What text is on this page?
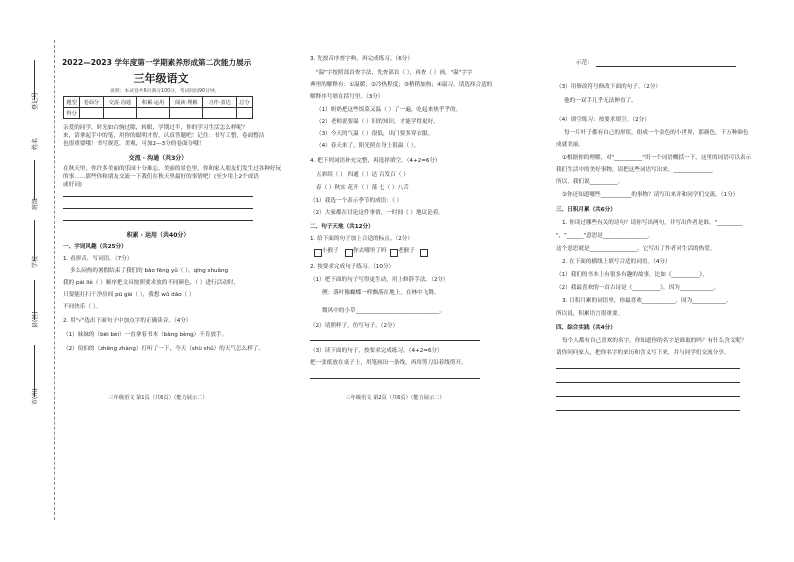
登记号
姓名
班级
学校
县(区)
市(州)
2022—2023 学年度第一学期素养形成第二次能力展示
三年级语文
说明：本试卷共6页满分100分，考试时间90分钟。
题型	卷面分	交流·沟通	积累·运用	阅读·理解	习作·表达	总分
得分						
亲爱的同学，时光如白驹过隙，转眼，学期过半，你的学习生活怎么样呢？
来，请拿起手中的笔，用你的聪明才智，认真答题吧！记住：书写工整，卷面整洁
也很重要哦！书写规范，美观，可加2—3分的卷面分哦！
交流 · 沟通（共3分）
在秋天里，你许多美丽的乐园十分难忘，美丽的景色里，你和家人朋友们发生过各种好玩
的事……那些你和朋友交流一下我们在秋天里最好的事情吧！(至少用上2个成语
或好词)
积累 · 运用（共40分）
一、字词风趣（共25分）
1. 看拼音，写词语。（7分）
多么闷热的暑假结束了我们的 bào fēng yǔ（ ），qīng shuǎng
我的 pái liè（ ）顺序把文具按照要求放的不同颜色，（ ）进行活动时，
只要能打扫干净房间 pū gài（ ），我想 wǔ dǎo（ ）
不同快乐（ ）。
2. 用"√"选出下面句子中加点字的正确读音。（4分）
（1）妹妹的（bēi bèi）一直拿着书本（bàng bèng）不肯放手。
（2）伯伯的（zhēng zhàng）打听了一下，今天（shù shǔ）的天气怎么样了。
三年级语文 第1页（共6页）（能力展示二）
3. 先按音序查字典，再完成练习。（6分）
"温"字按照部首查字法，先查部首（ ），再查（ ）画，"温"字字
典里的解释有：①温暖；②冷热程度；③稍稍加热；④温习。请选择合适的
解释序号填在括号里。（3分）
（1）奶奶把这些饭菜又温（ ）了一遍，吃起来热乎乎的。
（2）老师说要温（ ）旧的知识，才能学得更好。
（3）今天的气温（ ）很低，出门要多穿衣服。
（4）春天来了，阳光照在身上很温（ ）。
4. 把下列词语补充完整，再选择填空。（4+2=6分）
五彩缤（ ） 四通（ ）达 百发百（ ）
春（ ）秋实 花开（ ）落 七（ ）八舌
（1）我选一个表示季节的成语：（ ）
（2）大家都在讨论这件事情，一时间（ ）地议论着。
二、句子天地（共12分）
1. 给下面的句子加上合适的标点。（2分）
小猴子	你去哪里了吗 老猴子
2. 按要求完成句子练习。（10分）
（1）把下面的句子写得更生动，用上修辞手法。（2分）
例：落叶像蝴蝶一样飘落在地上，在林中飞舞。
微风中的小草______________________________。
（2）请照样子，仿写句子。（2分）
（3）读下面的句子，按要求完成练习。（4+2=6分）
把一张纸放在桌子上，用笔画出一条线，再用剪刀沿着线剪开。
三年级语文 第2页（共6页）（能力展示二）
示范：
（3）用修改符号修改下面的句子。（2分）
他的一双手几乎无法伸直了。
（4）填空练习：按要求填空。（2分）
每一片叶子都有自己的形状，组成一个金色的小世界，那颜色，千万种颜色
成就美丽。
①根据你的理解，对"__________"用一个词语概括一下，这里的词语可以表示
我们生活中的美好事物，请把这些词语写出来。______________
所以，我们说__________。
②你还知道哪些___________的事物？请写出来并和同学们交流。（1分）
三、日积月累（共6分）
1. 你读过哪些有关的诗句？请你写出两句，并写出作者是谁。"_________
"，"______"意思是________________。
这个意思就是_________________，它写出了作者对生活的热爱。
2. 在下面的横线上填写合适的词语。（4分）
（1）我们的书本上有很多有趣的故事，比如《__________》，
（2）我最喜欢的一首古诗是《__________》，因为____________。
3. 日积月累的词语里，你最喜欢____________，因为____________。
所以说，积累语言很重要。
四、综合实践（共4分）
每个人都有自己喜欢的名字，你知道你的名字是谁取的吗？有什么含义呢？
请你问问家人，把你名字的来历和含义写下来，并与同学们交流分享。
